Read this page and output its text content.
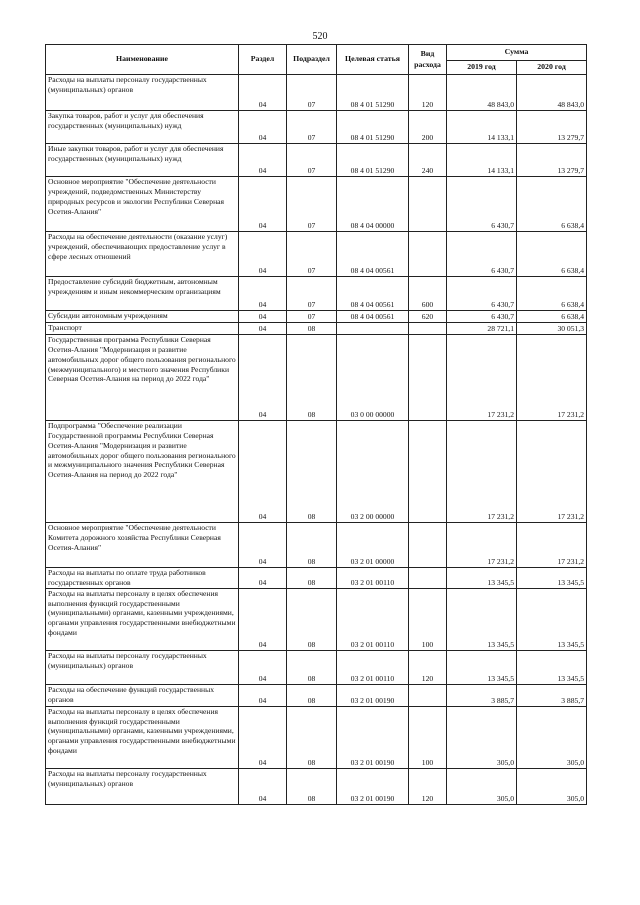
520
Наименование	Раздел	Подраздел	Целевая статья	Вид расхода	Сумма	
					2019 год	2020 год
Расходы на выплаты персоналу государственных (муниципальных) органов	04	07	08 4 01 51290	120	48 843,0	48 843,0
Закупка товаров, работ и услуг для обеспечения государственных (муниципальных) нужд	04	07	08 4 01 51290	200	14 133,1	13 279,7
Иные закупки товаров, работ и услуг для обеспечения государственных (муниципальных) нужд	04	07	08 4 01 51290	240	14 133,1	13 279,7
Основное мероприятие "Обеспечение деятельности учреждений, подведомственных Министерству природных ресурсов и экологии Республики Северная Осетия-Алания"	04	07	08 4 04 00000		6 430,7	6 638,4
Расходы на обеспечение деятельности (оказание услуг) учреждений, обеспечивающих предоставление услуг в сфере лесных отношений	04	07	08 4 04 00561		6 430,7	6 638,4
Предоставление субсидий бюджетным, автономным учреждениям и иным некоммерческим организациям	04	07	08 4 04 00561	600	6 430,7	6 638,4
Субсидии автономным учреждениям	04	07	08 4 04 00561	620	6 430,7	6 638,4
Транспорт	04	08			28 721,1	30 051,3
Государственная программа Республики Северная Осетия-Алания "Модернизация и развитие автомобильных дорог общего пользования регионального (межмуниципального) и местного значения Республики Северная Осетия-Алания на период до 2022 года"	04	08	03 0 00 00000		17 231,2	17 231,2
Подпрограмма "Обеспечение реализации Государственной программы Республики Северная Осетия-Алания "Модернизация и развитие автомобильных дорог общего пользования регионального и межмуниципального значения Республики Северная Осетия-Алания на период до 2022 года"	04	08	03 2 00 00000		17 231,2	17 231,2
Основное мероприятие "Обеспечение деятельности Комитета дорожного хозяйства Республики Северная Осетия-Алания"	04	08	03 2 01 00000		17 231,2	17 231,2
Расходы на выплаты по оплате труда работников государственных органов	04	08	03 2 01 00110		13 345,5	13 345,5
Расходы на выплаты персоналу в целях обеспечения выполнения функций государственными (муниципальными) органами, казенными учреждениями, органами управления государственными внебюджетными фондами	04	08	03 2 01 00110	100	13 345,5	13 345,5
Расходы на выплаты персоналу государственных (муниципальных) органов	04	08	03 2 01 00110	120	13 345,5	13 345,5
Расходы на обеспечение функций государственных органов	04	08	03 2 01 00190		3 885,7	3 885,7
Расходы на выплаты персоналу в целях обеспечения выполнения функций государственными (муниципальными) органами, казенными учреждениями, органами управления государственными внебюджетными фондами	04	08	03 2 01 00190	100	305,0	305,0
Расходы на выплаты персоналу государственных (муниципальных) органов	04	08	03 2 01 00190	120	305,0	305,0
